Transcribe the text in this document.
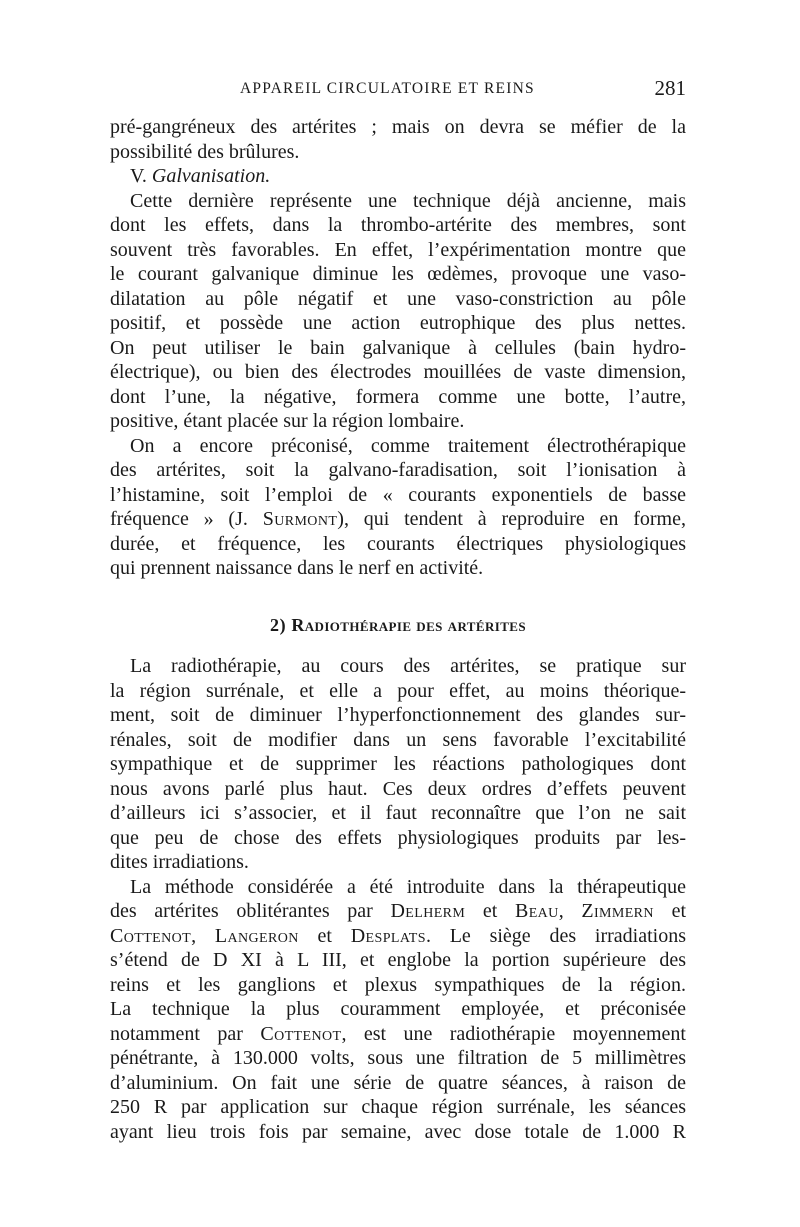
APPAREIL CIRCULATOIRE ET REINS	281

pré-gangréneux des artérites ; mais on devra se méfier de la

possibilité des brûlures.

V. Galvanisation.

Cette dernière représente une technique déjà ancienne, mais

dont les effets, dans la thrombo-artérite des membres, sont

souvent très favorables. En effet, l’expérimentation montre que

le courant galvanique diminue les œdèmes, provoque une vaso-

dilatation au pôle négatif et une vaso-constriction au pôle

positif, et possède une action eutrophique des plus nettes.

On peut utiliser le bain galvanique à cellules (bain hydro-

électrique), ou bien des électrodes mouillées de vaste dimension,

dont l’une, la négative, formera comme une botte, l’autre,

positive, étant placée sur la région lombaire.

On a encore préconisé, comme traitement électrothérapique

des artérites, soit la galvano-faradisation, soit l’ionisation à

l’histamine, soit l’emploi de « courants exponentiels de basse

fréquence » (J. Surmont), qui tendent à reproduire en forme,

durée, et fréquence, les courants électriques physiologiques

qui prennent naissance dans le nerf en activité.

2) Radiothérapie des artérites

La radiothérapie, au cours des artérites, se pratique sur

la région surrénale, et elle a pour effet, au moins théorique-

ment, soit de diminuer l’hyperfonctionnement des glandes sur-

rénales, soit de modifier dans un sens favorable l’excitabilité

sympathique et de supprimer les réactions pathologiques dont

nous avons parlé plus haut. Ces deux ordres d’effets peuvent

d’ailleurs ici s’associer, et il faut reconnaître que l’on ne sait

que peu de chose des effets physiologiques produits par les-

dites irradiations.

La méthode considérée a été introduite dans la thérapeutique

des artérites oblitérantes par Delherm et Beau, Zimmern et

Cottenot, Langeron et Desplats. Le siège des irradiations

s’étend de D XI à L III, et englobe la portion supérieure des

reins et les ganglions et plexus sympathiques de la région.

La technique la plus couramment employée, et préconisée

notamment par Cottenot, est une radiothérapie moyennement

pénétrante, à 130.000 volts, sous une filtration de 5 millimètres

d’aluminium. On fait une série de quatre séances, à raison de

250 R par application sur chaque région surrénale, les séances

ayant lieu trois fois par semaine, avec dose totale de 1.000 R
